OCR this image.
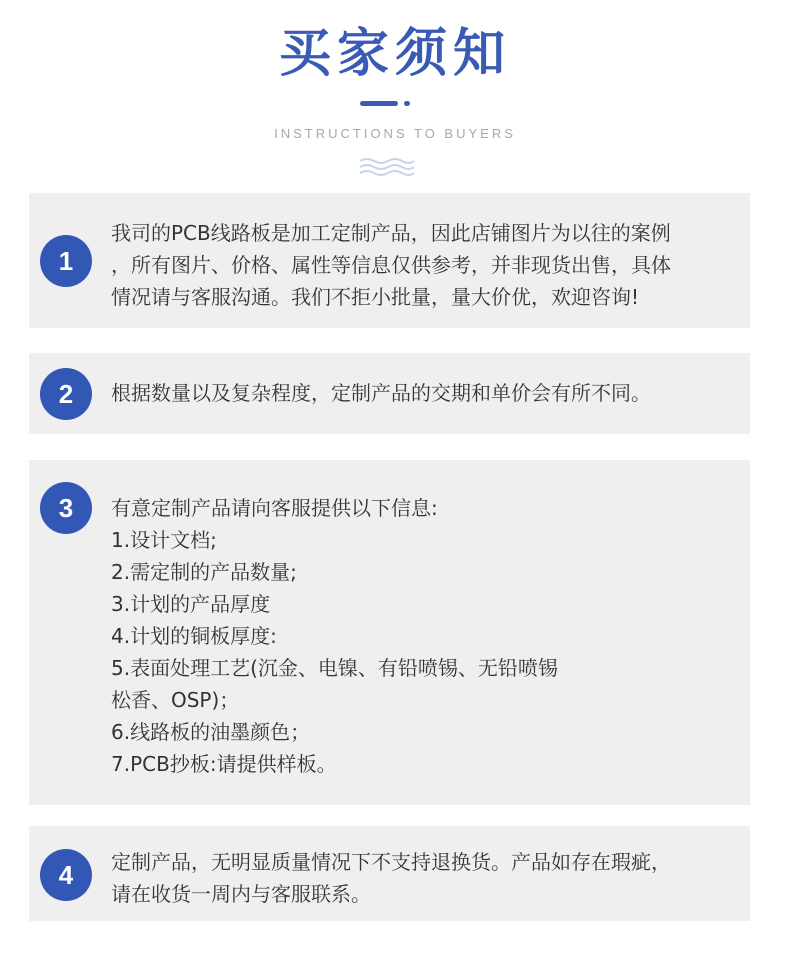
买家须知
INSTRUCTIONS TO BUYERS
1

我司的PCB线路板是加工定制产品，因此店铺图片为以往的案例

，所有图片、价格、属性等信息仅供参考，并非现货出售，具体

情况请与客服沟通。我们不拒小批量，量大价优，欢迎咨询!

2	根据数量以及复杂程度，定制产品的交期和单价会有所不同。

3	有意定制产品请向客服提供以下信息:

1.设计文档;

2.需定制的产品数量;

3.计划的产品厚度

4.计划的铜板厚度:

5.表面处理工艺(沉金、电镍、有铅喷锡、无铅喷锡

松香、OSP)；

6.线路板的油墨颜色；

7.PCB抄板:请提供样板。

4	定制产品，无明显质量情况下不支持退换货。产品如存在瑕疵，

请在收货一周内与客服联系。
